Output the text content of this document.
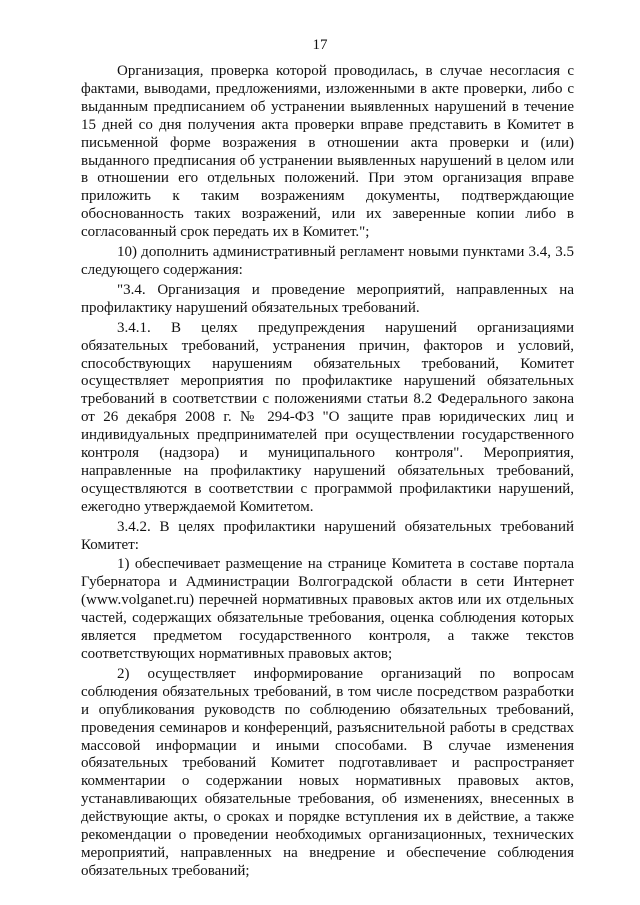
17

Организация, проверка которой проводилась, в случае несогласия с фактами, выводами, предложениями, изложенными в акте проверки, либо с выданным предписанием об устранении выявленных нарушений в течение 15 дней со дня получения акта проверки вправе представить в Комитет в письменной форме возражения в отношении акта проверки и (или) выданного предписания об устранении выявленных нарушений в целом или в отношении его отдельных положений. При этом организация вправе приложить к таким возражениям документы, подтверждающие обоснованность таких возражений, или их заверенные копии либо в согласованный срок передать их в Комитет.";

10) дополнить административный регламент новыми пунктами 3.4, 3.5 следующего содержания:

"3.4. Организация и проведение мероприятий, направленных на профилактику нарушений обязательных требований.

3.4.1. В целях предупреждения нарушений организациями обязательных требований, устранения причин, факторов и условий, способствующих нарушениям обязательных требований, Комитет осуществляет мероприятия по профилактике нарушений обязательных требований в соответствии с положениями статьи 8.2 Федерального закона от 26 декабря 2008 г. № 294-ФЗ "О защите прав юридических лиц и индивидуальных предпринимателей при осуществлении государственного контроля (надзора) и муниципального контроля". Мероприятия, направленные на профилактику нарушений обязательных требований, осуществляются в соответствии с программой профилактики нарушений, ежегодно утверждаемой Комитетом.

3.4.2. В целях профилактики нарушений обязательных требований Комитет:

1) обеспечивает размещение на странице Комитета в составе портала Губернатора и Администрации Волгоградской области в сети Интернет (www.volganet.ru) перечней нормативных правовых актов или их отдельных частей, содержащих обязательные требования, оценка соблюдения которых является предметом государственного контроля, а также текстов соответствующих нормативных правовых актов;

2) осуществляет информирование организаций по вопросам соблюдения обязательных требований, в том числе посредством разработки и опубликования руководств по соблюдению обязательных требований, проведения семинаров и конференций, разъяснительной работы в средствах массовой информации и иными способами. В случае изменения обязательных требований Комитет подготавливает и распространяет комментарии о содержании новых нормативных правовых актов, устанавливающих обязательные требования, об изменениях, внесенных в действующие акты, о сроках и порядке вступления их в действие, а также рекомендации о проведении необходимых организационных, технических мероприятий, направленных на внедрение и обеспечение соблюдения обязательных требований;
